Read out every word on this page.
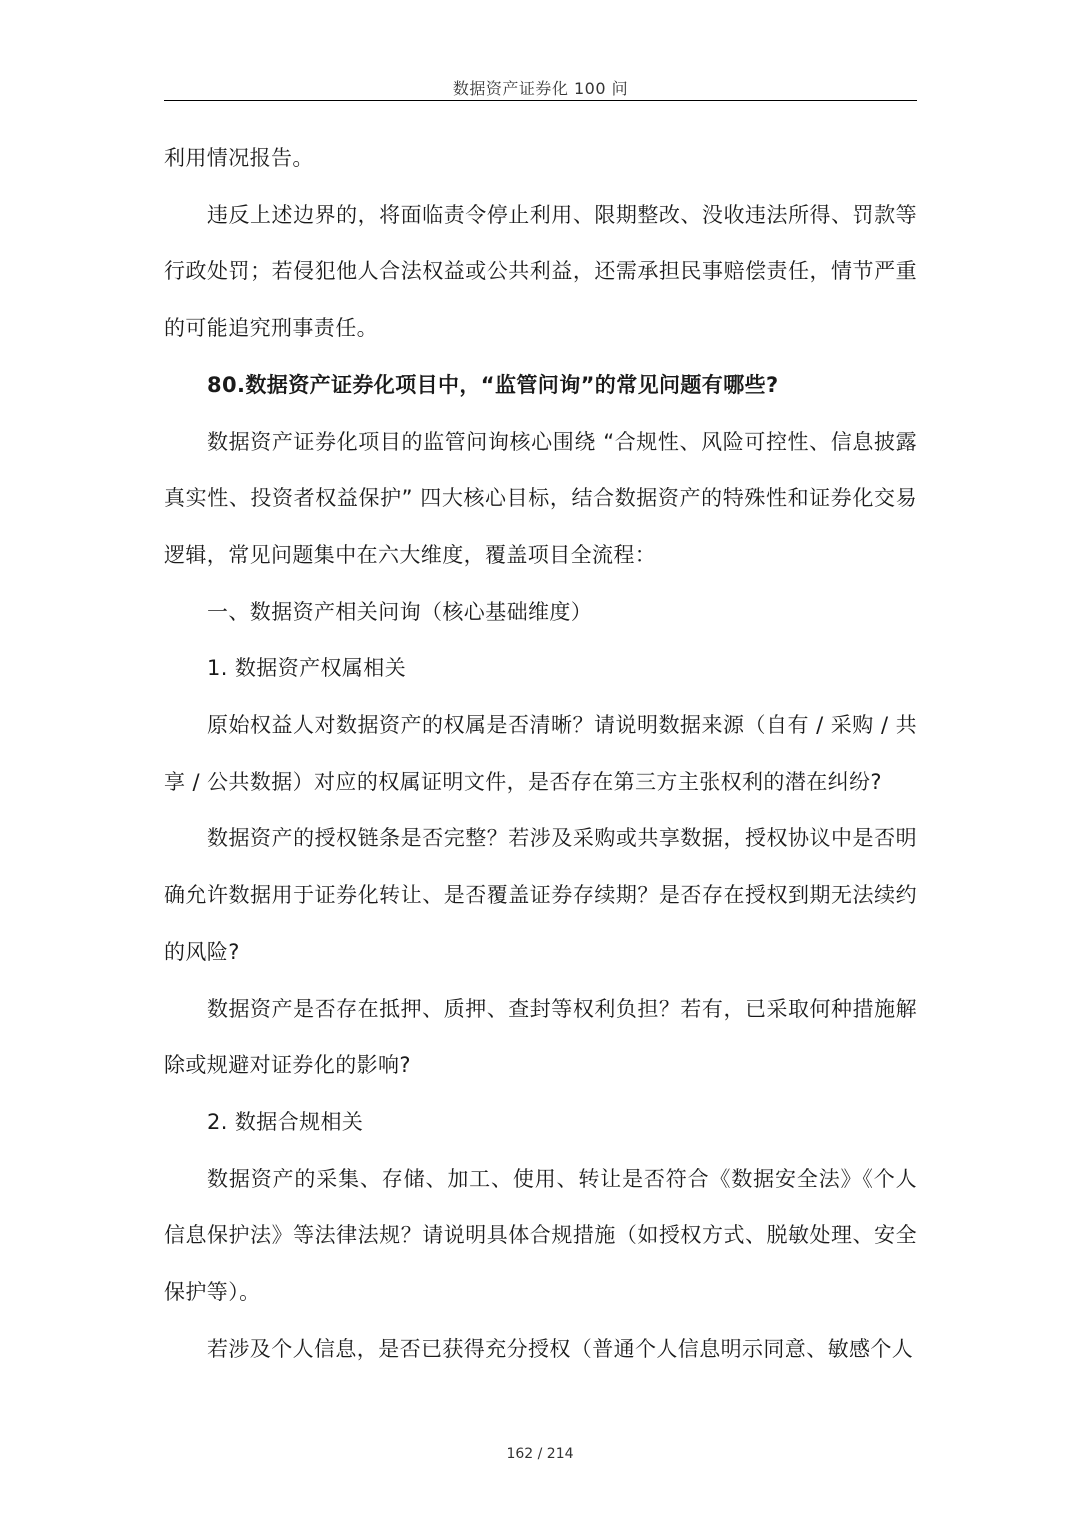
数据资产证券化 100 问

利用情况报告。

违反上述边界的，将面临责令停止利用、限期整改、没收违法所得、罚款等行政处罚；若侵犯他人合法权益或公共利益，还需承担民事赔偿责任，情节严重的可能追究刑事责任。

80.数据资产证券化项目中，“监管问询”的常见问题有哪些?

数据资产证券化项目的监管问询核心围绕 “合规性、风险可控性、信息披露真实性、投资者权益保护” 四大核心目标，结合数据资产的特殊性和证券化交易逻辑，常见问题集中在六大维度，覆盖项目全流程：

一、数据资产相关问询（核心基础维度）

1. 数据资产权属相关

原始权益人对数据资产的权属是否清晰？请说明数据来源（自有 / 采购 / 共享 / 公共数据）对应的权属证明文件，是否存在第三方主张权利的潜在纠纷?

数据资产的授权链条是否完整？若涉及采购或共享数据，授权协议中是否明确允许数据用于证券化转让、是否覆盖证券存续期？是否存在授权到期无法续约的风险?

数据资产是否存在抵押、质押、查封等权利负担？若有，已采取何种措施解除或规避对证券化的影响?

2. 数据合规相关

数据资产的采集、存储、加工、使用、转让是否符合《数据安全法》《个人信息保护法》等法律法规？请说明具体合规措施（如授权方式、脱敏处理、安全保护等）。

若涉及个人信息，是否已获得充分授权（普通个人信息明示同意、敏感个人

162 / 214
